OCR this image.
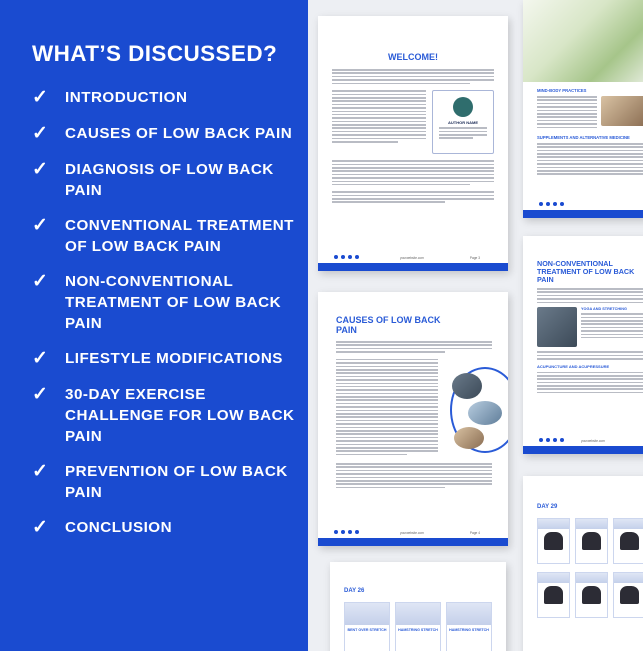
WHAT’S DISCUSSED?
✓	INTRODUCTION
✓	CAUSES OF LOW BACK PAIN
✓	DIAGNOSIS OF LOW BACK PAIN
✓	CONVENTIONAL TREATMENT OF LOW BACK PAIN
✓	NON-CONVENTIONAL TREATMENT OF LOW BACK PAIN
✓	LIFESTYLE MODIFICATIONS
✓	30-DAY EXERCISE CHALLENGE FOR LOW BACK PAIN
✓	PREVENTION OF LOW BACK PAIN
✓	CONCLUSION
WELCOME!
AUTHOR NAME
yourwebsite.com	Page 3
MIND-BODY PRACTICES
SUPPLEMENTS AND ALTERNATIVE MEDICINE
CAUSES OF LOW BACK PAIN
yourwebsite.com	Page 4
NON-CONVENTIONAL TREATMENT OF LOW BACK PAIN
YOGA AND STRETCHING
ACUPUNCTURE AND ACUPRESSURE
yourwebsite.com
DAY 29
DAY 26
BENT OVER STRETCH	HAMSTRING STRETCH	HAMSTRING STRETCH
